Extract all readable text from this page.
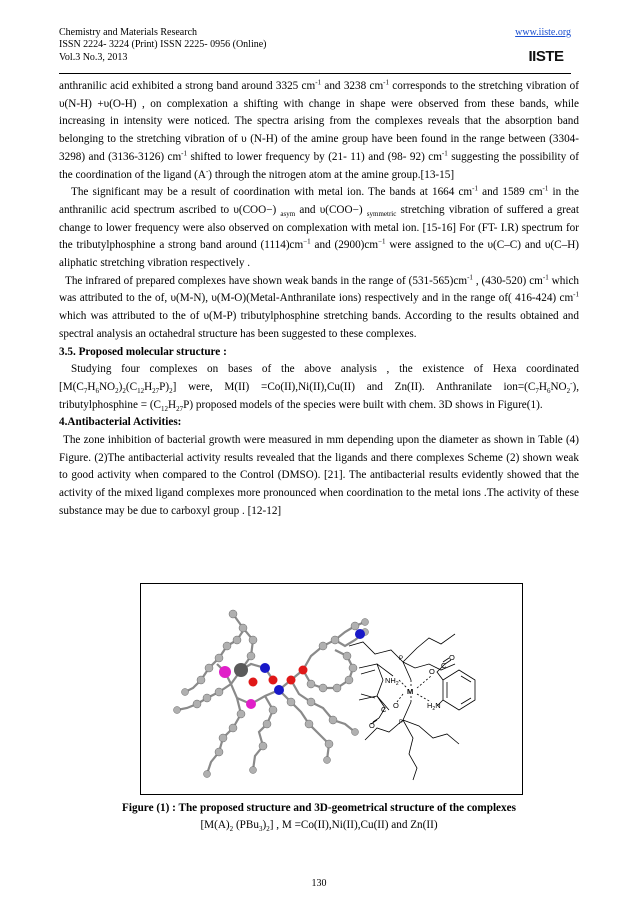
Chemistry and Materials Research
ISSN 2224- 3224 (Print) ISSN 2225- 0956 (Online)
Vol.3 No.3, 2013
www.iiste.org
IISTE

anthranilic acid exhibited a strong band around 3325 $cm^{-1}$ and 3238 $cm^{-1}$ corresponds to the stretching vibration of υ(N-H) +υ(O-H) , on complexation a shifting with change in shape were observed from these bands, while increasing in intensity were noticed. The spectra arising from the complexes reveals that the absorption band belonging to the stretching vibration of υ (N-H) of the amine group have been found in the range between (3304-3298) and (3136-3126) $cm^{-1}$ shifted to lower frequency by (21- 11) and (98- 92) $cm^{-1}$ suggesting the possibility of the coordination of the ligand (A-) through the nitrogen atom at the amine group.[13-15]

The significant may be a result of coordination with metal ion. The bands at 1664 $cm^{-1}$ and 1589 $cm^{-1}$ in the anthranilic acid spectrum ascribed to υ(COO−) $_{asym}$ and υ(COO−) $_{symmetric}$ stretching vibration of suffered a great change to lower frequency were also observed on complexation with metal ion. [15-16] For (FT- I.R) spectrum for the tributylphosphine a strong band around $(1114)cm^{-1}$ and $(2900)cm^{-1}$ were assigned to the υ(C–C) and υ(C–H) aliphatic stretching vibration respectively .

The infrared of prepared complexes have shown weak bands in the range of $(531-565)cm^{-1}$ , (430-520) $cm^{-1}$ which was attributed to the of, υ(M-N), υ(M-O)(Metal-Anthranilate ions) respectively and in the range of( 416-424) $cm^{-1}$ which was attributed to the of υ(M-P) tributylphosphine stretching bands. According to the results obtained and spectral analysis an octahedral structure has been suggested to these complexes.

3.5. Proposed molecular structure :

Studying four complexes on bases of the above analysis , the existence of Hexa coordinated $[M(C_7H_6NO_2)_2(C_{12}H_{27}P)_2]$ were, M(II) =Co(II),Ni(II),Cu(II) and Zn(II). Anthranilate $ion=(C_7H_6NO_2^-)$, tributylphosphine = $(C_{12}H_{27}P)$ proposed models of the species were built with chem. 3D shows in Figure(1).

4.Antibacterial Activities:

The zone inhibition of bacterial growth were measured in mm depending upon the diameter as shown in Table (4) Figure. (2)The antibacterial activity results revealed that the ligands and there complexes Scheme (2) shown weak to good activity when compared to the Control (DMSO). [21]. The antibacterial results evidently showed that the activity of the mixed ligand complexes more pronounced when coordination to the metal ions .The activity of these substance may be due to carboxyl group . [12-12]

$NH_2$
M
$H_2N$
O
C
O
O
C
O
P
P
Figure (1) : The proposed structure and 3D-geometrical structure of the complexes
[$M(A)_2$ $(PBu_3)_2$] , M =Co(II),Ni(II),Cu(II) and Zn(II)
130
